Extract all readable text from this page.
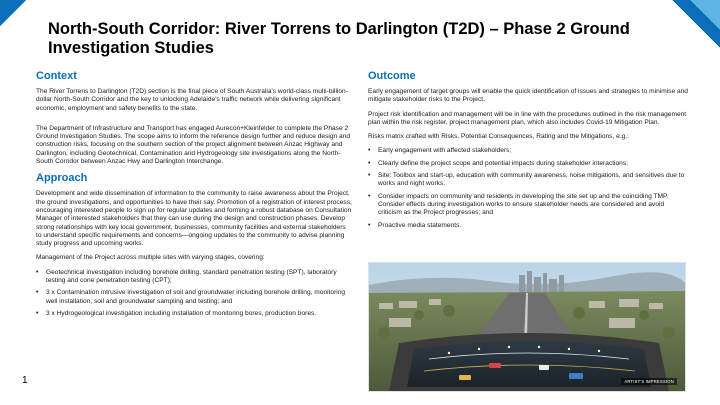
North-South Corridor: River Torrens to Darlington (T2D) – Phase 2 Ground Investigation Studies
Context

The River Torrens to Darlington (T2D) section is the final piece of South Australia's world-class multi-billion-dollar North-South Corridor and the key to unlocking Adelaide's traffic network while delivering significant economic, employment and safety benefits to the state.

The Department of Infrastructure and Transport has engaged Aurecon+Kleinfelder to complete the Phase 2 Ground Investigation Studies. The scope aims to inform the reference design further and reduce design and construction risks, focusing on the southern section of the project alignment between Anzac Highway and Darlington, including Geotechnical, Contamination and Hydrogeology site investigations along the North-South Corridor between Anzac Hwy and Darlington Interchange.

Approach

Development and wide dissemination of information to the community to raise awareness about the Project, the ground investigations, and opportunities to have their say. Promotion of a registration of interest process, encouraging interested people to sign up for regular updates and forming a robust database on Consultation Manager of interested stakeholders that they can use during the design and construction phases. Develop strong relationships with key local government, businesses, community facilities and external stakeholders to understand specific requirements and concerns—ongoing updates to the community to advise planning study progress and upcoming works.

Management of the Project across multiple sites with varying stages, covering:

• Geotechnical investigation including borehole drilling, standard penetration testing (SPT), laboratory testing and cone penetration testing (CPT);
• 3 x Contamination intrusive investigation of soil and groundwater including borehole drilling, monitoring well installation, soil and groundwater sampling and testing; and
• 3 x Hydrogeological investigation including installation of monitoring bores, production bores.
Outcome

Early engagement of target groups will enable the quick identification of issues and strategies to minimise and mitigate stakeholder risks to the Project.

Project risk identification and management will be in line with the procedures outlined in the risk management plan within the risk register, project management plan, which also includes Covid-19 Mitigation Plan.

Risks matrix crafted with Risks, Potential Consequences, Rating and the Mitigations, e.g.:

• Early engagement with affected stakeholders;
• Clearly define the project scope and potential impacts during stakeholder interactions;
• Site: Toolbox and start-up, education with community awareness, noise mitigations, and sensitives due to works and night works.
• Consider impacts on community and residents in developing the site set up and the coinciding TMP. Consider effects during investigation works to ensure stakeholder needs are considered and avoid criticism as the Project progresses; and
• Proactive media statements.
ARTIST'S IMPRESSION
1
